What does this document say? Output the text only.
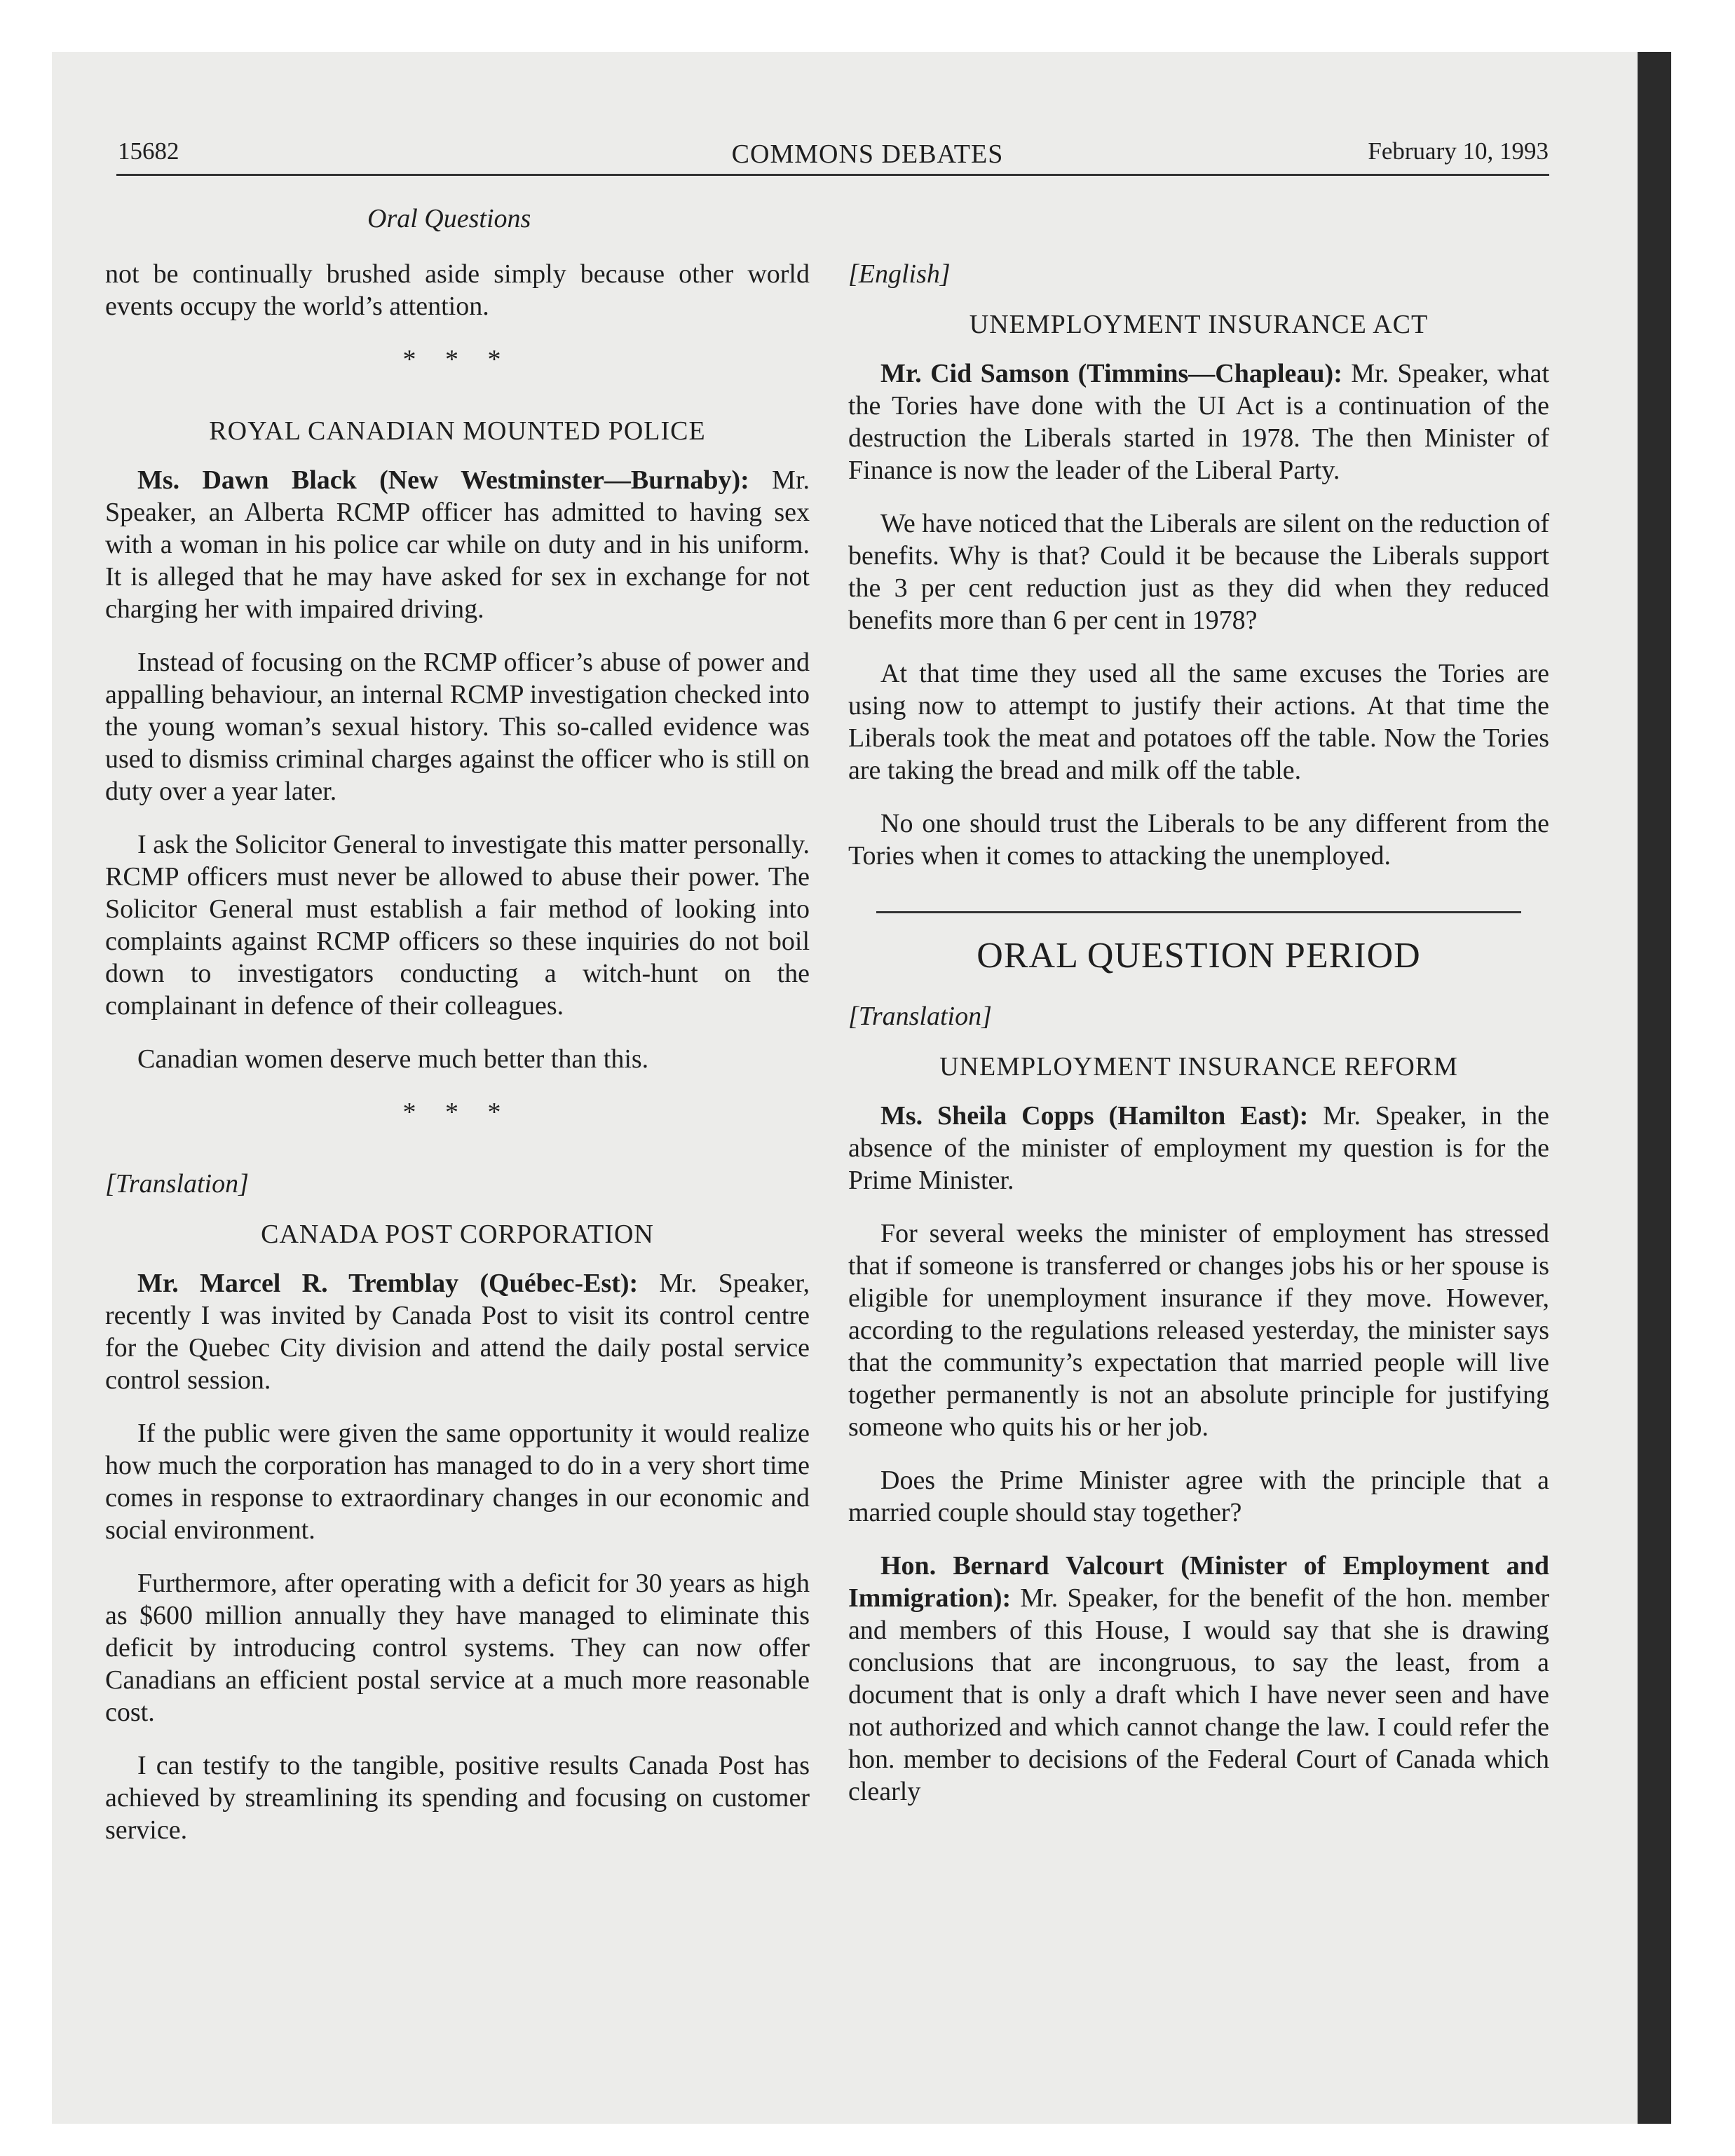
15682	COMMONS DEBATES	February 10, 1993
Oral Questions

not be continually brushed aside simply because other world events occupy the world’s attention.

* * *
ROYAL CANADIAN MOUNTED POLICE

Ms. Dawn Black (New Westminster—Burnaby): Mr. Speaker, an Alberta RCMP officer has admitted to having sex with a woman in his police car while on duty and in his uniform. It is alleged that he may have asked for sex in exchange for not charging her with impaired driving.

Instead of focusing on the RCMP officer’s abuse of power and appalling behaviour, an internal RCMP investigation checked into the young woman’s sexual history. This so-called evidence was used to dismiss criminal charges against the officer who is still on duty over a year later.

I ask the Solicitor General to investigate this matter personally. RCMP officers must never be allowed to abuse their power. The Solicitor General must establish a fair method of looking into complaints against RCMP officers so these inquiries do not boil down to investigators conducting a witch-hunt on the complainant in defence of their colleagues.

Canadian women deserve much better than this.

* * *
[Translation]
CANADA POST CORPORATION

Mr. Marcel R. Tremblay (Québec-Est): Mr. Speaker, recently I was invited by Canada Post to visit its control centre for the Quebec City division and attend the daily postal service control session.

If the public were given the same opportunity it would realize how much the corporation has managed to do in a very short time comes in response to extraordinary changes in our economic and social environment.

Furthermore, after operating with a deficit for 30 years as high as $600 million annually they have managed to eliminate this deficit by introducing control systems. They can now offer Canadians an efficient postal service at a much more reasonable cost.

I can testify to the tangible, positive results Canada Post has achieved by streamlining its spending and focusing on customer service.

[English]
UNEMPLOYMENT INSURANCE ACT

Mr. Cid Samson (Timmins—Chapleau): Mr. Speaker, what the Tories have done with the UI Act is a continuation of the destruction the Liberals started in 1978. The then Minister of Finance is now the leader of the Liberal Party.

We have noticed that the Liberals are silent on the reduction of benefits. Why is that? Could it be because the Liberals support the 3 per cent reduction just as they did when they reduced benefits more than 6 per cent in 1978?

At that time they used all the same excuses the Tories are using now to attempt to justify their actions. At that time the Liberals took the meat and potatoes off the table. Now the Tories are taking the bread and milk off the table.

No one should trust the Liberals to be any different from the Tories when it comes to attacking the unemployed.

ORAL QUESTION PERIOD
[Translation]
UNEMPLOYMENT INSURANCE REFORM

Ms. Sheila Copps (Hamilton East): Mr. Speaker, in the absence of the minister of employment my question is for the Prime Minister.

For several weeks the minister of employment has stressed that if someone is transferred or changes jobs his or her spouse is eligible for unemployment insurance if they move. However, according to the regulations released yesterday, the minister says that the community’s expectation that married people will live together permanently is not an absolute principle for justifying someone who quits his or her job.

Does the Prime Minister agree with the principle that a married couple should stay together?

Hon. Bernard Valcourt (Minister of Employment and Immigration): Mr. Speaker, for the benefit of the hon. member and members of this House, I would say that she is drawing conclusions that are incongruous, to say the least, from a document that is only a draft which I have never seen and have not authorized and which cannot change the law. I could refer the hon. member to decisions of the Federal Court of Canada which clearly
